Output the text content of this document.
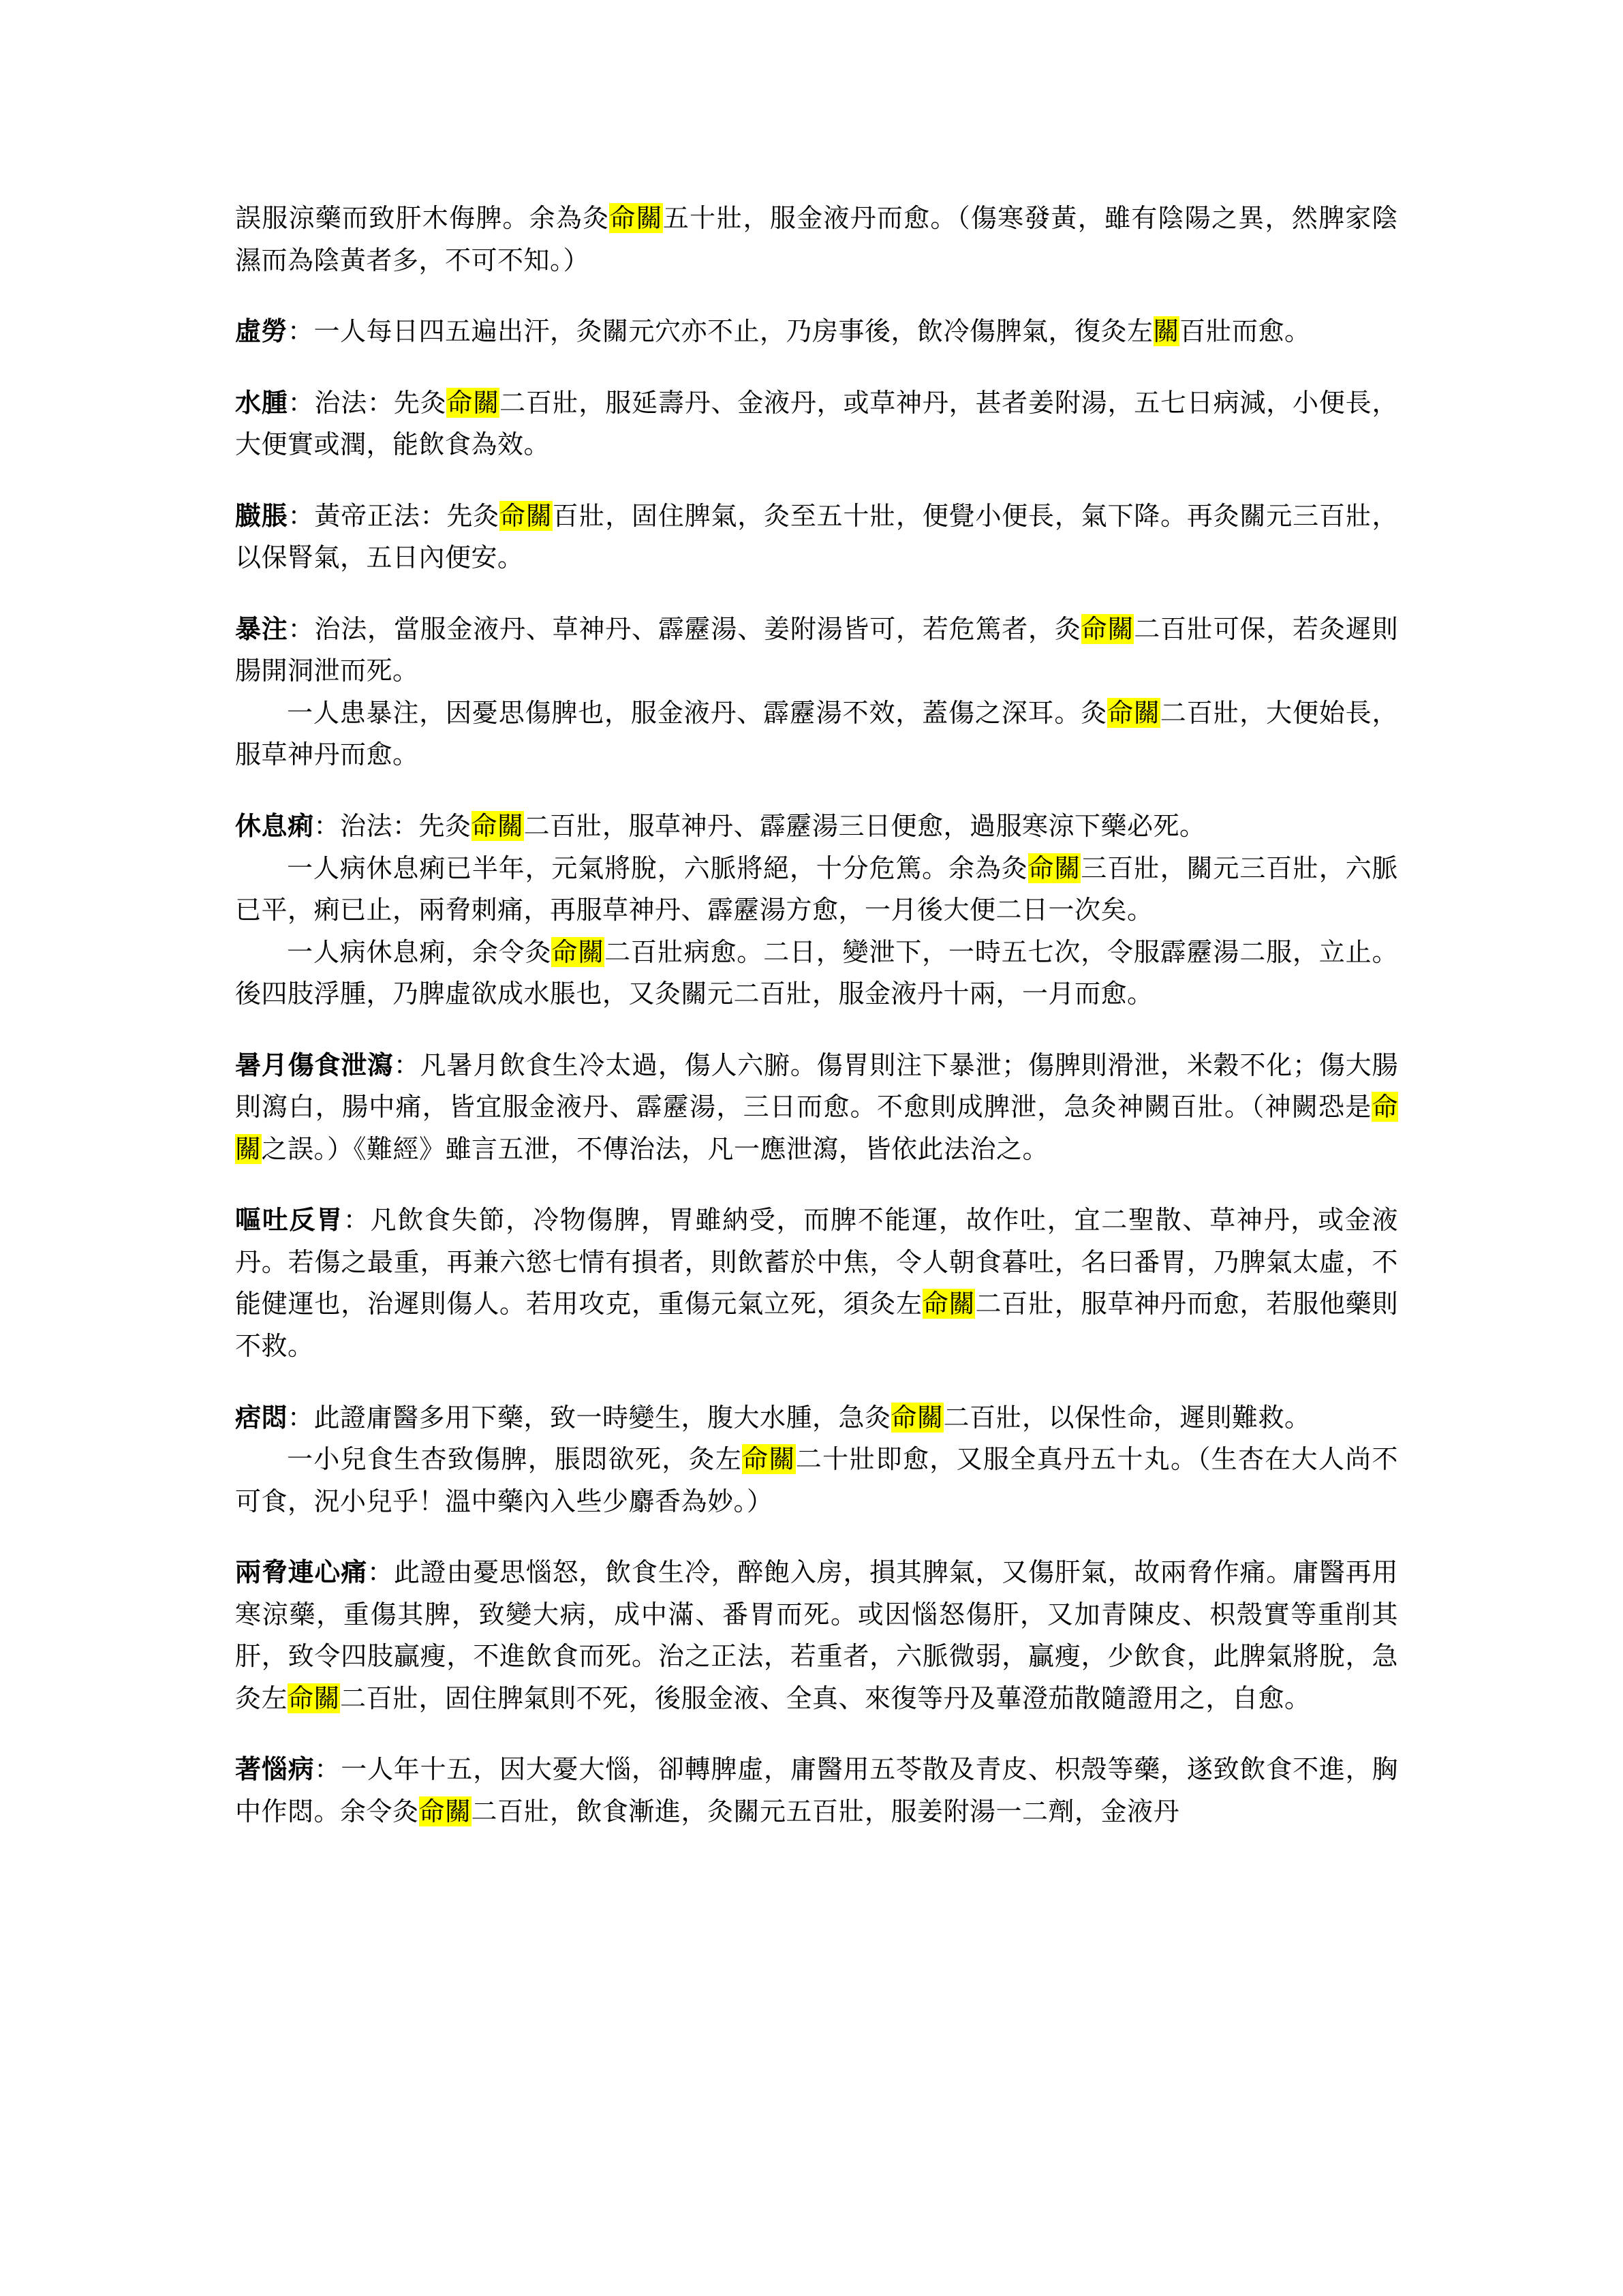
誤服涼藥而致肝木侮脾。余為灸命關五十壯，服金液丹而愈。（傷寒發黃，雖有陰陽之異，然脾家陰濕而為陰黃者多，不可不知。）

虛勞：一人每日四五遍出汗，灸關元穴亦不止，乃房事後，飲冷傷脾氣，復灸左關百壯而愈。

水腫：治法：先灸命關二百壯，服延壽丹、金液丹，或草神丹，甚者姜附湯，五七日病減，小便長，大便實或潤，能飲食為效。

臌脹：黃帝正法：先灸命關百壯，固住脾氣，灸至五十壯，便覺小便長，氣下降。再灸關元三百壯，以保腎氣，五日內便安。

暴注：治法，當服金液丹、草神丹、霹靂湯、姜附湯皆可，若危篤者，灸命關二百壯可保，若灸遲則腸開洞泄而死。
一人患暴注，因憂思傷脾也，服金液丹、霹靂湯不效，蓋傷之深耳。灸命關二百壯，大便始長，服草神丹而愈。

休息痢：治法：先灸命關二百壯，服草神丹、霹靂湯三日便愈，過服寒涼下藥必死。
一人病休息痢已半年，元氣將脫，六脈將絕，十分危篤。余為灸命關三百壯，關元三百壯，六脈已平，痢已止，兩脅刺痛，再服草神丹、霹靂湯方愈，一月後大便二日一次矣。
一人病休息痢，余令灸命關二百壯病愈。二日，變泄下，一時五七次，令服霹靂湯二服，立止。後四肢浮腫，乃脾虛欲成水脹也，又灸關元二百壯，服金液丹十兩，一月而愈。

暑月傷食泄瀉：凡暑月飲食生冷太過，傷人六腑。傷胃則注下暴泄；傷脾則滑泄，米穀不化；傷大腸則瀉白，腸中痛，皆宜服金液丹、霹靂湯，三日而愈。不愈則成脾泄，急灸神闕百壯。（神闕恐是命關之誤。）《難經》雖言五泄，不傳治法，凡一應泄瀉，皆依此法治之。

嘔吐反胃：凡飲食失節，冷物傷脾，胃雖納受，而脾不能運，故作吐，宜二聖散、草神丹，或金液丹。若傷之最重，再兼六慾七情有損者，則飲蓄於中焦，令人朝食暮吐，名曰番胃，乃脾氣太虛，不能健運也，治遲則傷人。若用攻克，重傷元氣立死，須灸左命關二百壯，服草神丹而愈，若服他藥則不救。

痞悶：此證庸醫多用下藥，致一時變生，腹大水腫，急灸命關二百壯，以保性命，遲則難救。
一小兒食生杏致傷脾，脹悶欲死，灸左命關二十壯即愈，又服全真丹五十丸。（生杏在大人尚不可食，況小兒乎！溫中藥內入些少麝香為妙。）

兩脅連心痛：此證由憂思惱怒，飲食生冷，醉飽入房，損其脾氣，又傷肝氣，故兩脅作痛。庸醫再用寒涼藥，重傷其脾，致變大病，成中滿、番胃而死。或因惱怒傷肝，又加青陳皮、枳殼實等重削其肝，致令四肢贏瘦，不進飲食而死。治之正法，若重者，六脈微弱，贏瘦，少飲食，此脾氣將脫，急灸左命關二百壯，固住脾氣則不死，後服金液、全真、來復等丹及蓽澄茄散隨證用之，自愈。

著惱病：一人年十五，因大憂大惱，卻轉脾虛，庸醫用五苓散及青皮、枳殼等藥，遂致飲食不進，胸中作悶。余令灸命關二百壯，飲食漸進，灸關元五百壯，服姜附湯一二劑，金液丹
